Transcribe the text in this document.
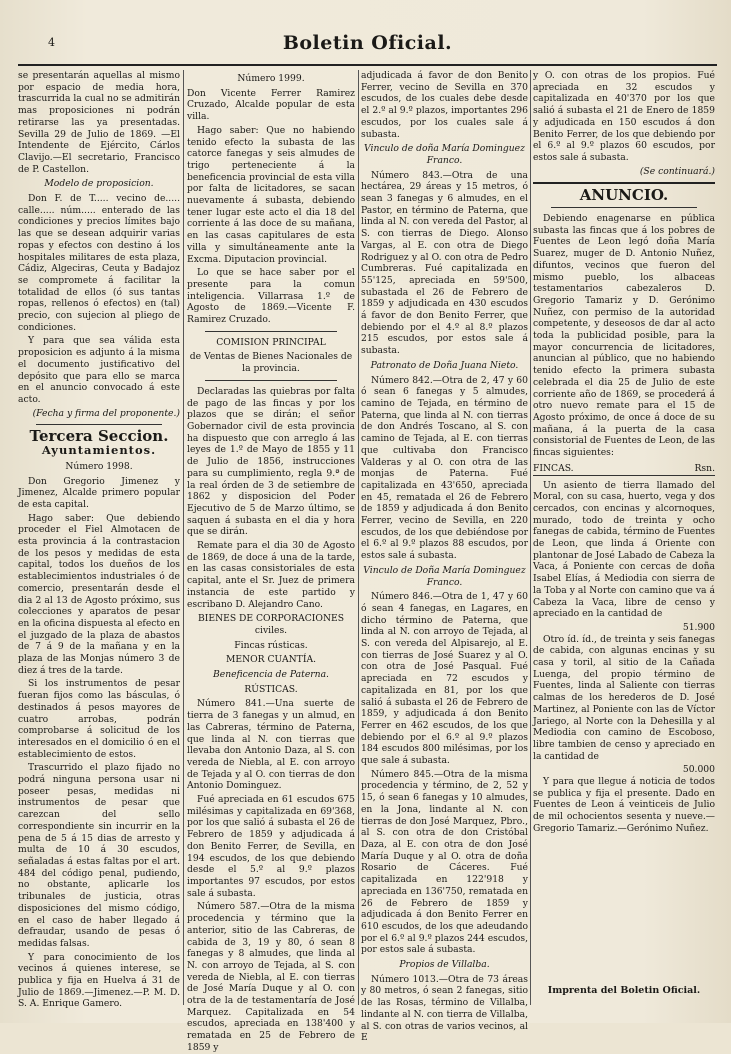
4	Boletin Oficial.

se presentarán aquellas al mismo por espacio de media hora, trascurrida la cual no se admitirán mas proposiciones ni podrán retirarse las ya presentadas. Sevilla 29 de Julio de 1869. —El Intendente de Ejército, Cárlos Clavijo.—El secretario, Francisco de P. Castellon.

Modelo de proposicion.

Don F. de T..... vecino de..... calle..... núm..... enterado de las condiciones y precios límites bajo las que se desean adquirir varias ropas y efectos con destino á los hospitales militares de esta plaza, Cádiz, Algeciras, Ceuta y Badajoz se compromete á facilitar la totalidad de ellos (ó sus tantas ropas, rellenos ó efectos) en (tal) precio, con sujecion al pliego de condiciones.

Y para que sea válida esta proposicion es adjunto á la misma el documento justificativo del depósito que para ello se marca en el anuncio convocado á este acto.

(Fecha y firma del proponente.)

Tercera Seccion.

Ayuntamientos.

Número 1998.

Don Gregorio Jimenez y Jimenez, Alcalde primero popular de esta capital.

Hago saber: Que debiendo proceder el Fiel Almotacen de esta provincia á la contrastacion de los pesos y medidas de esta capital, todos los dueños de los establecimientos industriales ó de comercio, presentarán desde el dia 2 al 13 de Agosto próximo, sus colecciones y aparatos de pesar en la oficina dispuesta al efecto en el juzgado de la plaza de abastos de 7 á 9 de la mañana y en la plaza de las Monjas número 3 de diez á tres de la tarde.

Si los instrumentos de pesar fueran fijos como las básculas, ó destinados á pesos mayores de cuatro arrobas, podrán comprobarse á solicitud de los interesados en el domicilio ó en el establecimiento de estos.

Trascurrido el plazo fijado no podrá ninguna persona usar ni poseer pesas, medidas ni instrumentos de pesar que carezcan del sello correspondiente sin incurrir en la pena de 5 á 15 dias de arresto y multa de 10 á 30 escudos, señaladas á estas faltas por el art. 484 del código penal, pudiendo, no obstante, aplicarle los tribunales de justicia, otras disposiciones del mismo código, en el caso de haber llegado á defraudar, usando de pesas ó medidas falsas.

Y para conocimiento de los vecinos á quienes interese, se publica y fija en Huelva á 31 de Julio de 1869.—Jimenez.—P. M. D. S. A. Enrique Gamero.

Número 1999.

Don Vicente Ferrer Ramirez Cruzado, Alcalde popular de esta villa.

Hago saber: Que no habiendo tenido efecto la subasta de las catorce fanegas y seis almudes de trigo perteneciente á la beneficencia provincial de esta villa por falta de licitadores, se sacan nuevamente á subasta, debiendo tener lugar este acto el dia 18 del corriente á las doce de su mañana, en las casas capitulares de esta villa y simultáneamente ante la Excma. Diputacion provincial.

Lo que se hace saber por el presente para la comun inteligencia. Villarrasa 1.º de Agosto de 1869.—Vicente F. Ramirez Cruzado.

COMISION PRINCIPAL

de Ventas de Bienes Nacionales de la provincia.

Declaradas las quiebras por falta de pago de las fincas y por los plazos que se dirán; el señor Gobernador civil de esta provincia ha dispuesto que con arreglo á las leyes de 1.º de Mayo de 1855 y 11 de Julio de 1856, instrucciones para su cumplimiento, regla 9.ª de la real órden de 3 de setiembre de 1862 y disposicion del Poder Ejecutivo de 5 de Marzo último, se saquen á subasta en el dia y hora que se dirán.

Remate para el dia 30 de Agosto de 1869, de doce á una de la tarde, en las casas consistoriales de esta capital, ante el Sr. Juez de primera instancia de este partido y escribano D. Alejandro Cano.

BIENES DE CORPORACIONES civiles.

Fincas rústicas.

MENOR CUANTÍA.

Beneficencia de Paterna.

RÚSTICAS.

Número 841.—Una suerte de tierra de 3 fanegas y un almud, en las Cabreras, término de Paterna, que linda al N. con tierras que llevaba don Antonio Daza, al S. con vereda de Niebla, al E. con arroyo de Tejada y al O. con tierras de don Antonio Dominguez.

Fué apreciada en 61 escudos 675 milésimas y capitalizada en 69'368, por los que salió á subasta el 26 de Febrero de 1859 y adjudicada á don Benito Ferrer, de Sevilla, en 194 escudos, de los que debiendo desde el 5.º al 9.º plazos importantes 97 escudos, por estos sale á subasta.

Número 587.—Otra de la misma procedencia y término que la anterior, sitio de las Cabreras, de cabida de 3, 19 y 80, ó sean 8 fanegas y 8 almudes, que linda al N. con arroyo de Tejada, al S. con vereda de Niebla, al E. con tierras de José María Duque y al O. con otra de la de testamentaría de José Marquez. Capitalizada en 54 escudos, apreciada en 138'400 y rematada en 25 de Febrero de 1859 y

adjudicada á favor de don Benito Ferrer, vecino de Sevilla en 370 escudos, de los cuales debe desde el 2.º al 9.º plazos, importantes 296 escudos, por los cuales sale á subasta.

Vinculo de doña María Dominguez Franco.

Número 843.—Otra de una hectárea, 29 áreas y 15 metros, ó sean 3 fanegas y 6 almudes, en el Pastor, en término de Paterna, que linda al N. con vereda del Pastor, al S. con tierras de Diego. Alonso Vargas, al E. con otra de Diego Rodriguez y al O. con otra de Pedro Cumbreras. Fué capitalizada en 55'125, apreciada en 59'500, subastada el 26 de Febrero de 1859 y adjudicada en 430 escudos á favor de don Benito Ferrer, que debiendo por el 4.º al 8.º plazos 215 escudos, por estos sale á subasta.

Patronato de Doña Juana Nieto.

Número 842.—Otra de 2, 47 y 60 ó sean 6 fanegas y 5 almudes, camino de Tejada, en término de Paterna, que linda al N. con tierras de don Andrés Toscano, al S. con camino de Tejada, al E. con tierras que cultivaba don Francisco Valderas y al O. con otra de las monjas de Paterna. Fué capitalizada en 43'650, apreciada en 45, rematada el 26 de Febrero de 1859 y adjudicada á don Benito Ferrer, vecino de Sevilla, en 220 escudos, de los que debiéndose por el 6.º al 9.º plazos 88 escudos, por estos sale á subasta.

Vinculo de Doña María Dominguez Franco.

Número 846.—Otra de 1, 47 y 60 ó sean 4 fanegas, en Lagares, en dicho término de Paterna, que linda al N. con arroyo de Tejada, al S. con vereda del Alpisarejo, al E. con tierras de José Suarez y al O. con otra de José Pasqual. Fué apreciada en 72 escudos y capitalizada en 81, por los que salió á subasta el 26 de Febrero de 1859, y adjudicada á don Benito Ferrer en 462 escudos, de los que debiendo por el 6.º al 9.º plazos 184 escudos 800 milésimas, por los que sale á subasta.

Número 845.—Otra de la misma procedencia y término, de 2, 52 y 15, ó sean 6 fanegas y 10 almudes, en la Jona, lindante al N. con tierras de don José Marquez, Pbro., al S. con otra de don Cristóbal Daza, al E. con otra de don José María Duque y al O. otra de doña Rosario de Cáceres. Fué capitalizada en 122'918 y apreciada en 136'750, rematada en 26 de Febrero de 1859 y adjudicada á don Benito Ferrer en 610 escudos, de los que adeudando por el 6.º al 9.º plazos 244 escudos, por estos sale á subasta.

Propios de Villalba.

Número 1013.—Otra de 73 áreas y 80 metros, ó sean 2 fanegas, sitio de las Rosas, término de Villalba, lindante al N. con tierra de Villalba, al S. con otras de varios vecinos, al E

y O. con otras de los propios. Fué apreciada en 32 escudos y capitalizada en 40'370 por los que salió á subasta el 21 de Enero de 1859 y adjudicada en 150 escudos á don Benito Ferrer, de los que debiendo por el 6.º al 9.º plazos 60 escudos, por estos sale á subasta.

(Se continuará.)

ANUNCIO.

Debiendo enagenarse en pública subasta las fincas que á los pobres de Fuentes de Leon legó doña María Suarez, muger de D. Antonio Nuñez, difuntos, vecinos que fueron del mismo pueblo, los albaceas testamentarios cabezaleros D. Gregorio Tamariz y D. Gerónimo Nuñez, con permiso de la autoridad competente, y deseosos de dar al acto toda la publicidad posible, para la mayor concurrencia de licitadores, anuncian al público, que no habiendo tenido efecto la primera subasta celebrada el dia 25 de Julio de este corriente año de 1869, se procederá á otro nuevo remate para el 15 de Agosto próximo, de once á doce de su mañana, á la puerta de la casa consistorial de Fuentes de Leon, de las fincas siguientes:

FINCAS.	Rsn.

Un asiento de tierra llamado del Moral, con su casa, huerto, vega y dos cercados, con encinas y alcornoques, murado, todo de treinta y ocho fanegas de cabida, término de Fuentes de Leon, que linda á Oriente con plantonar de José Labado de Cabeza la Vaca, á Poniente con cercas de doña Isabel Elías, á Mediodia con sierra de la Toba y al Norte con camino que va á Cabeza la Vaca, libre de censo y apreciado en la cantidad de

51.900

Otro íd. íd., de treinta y seis fanegas de cabida, con algunas encinas y su casa y toril, al sitio de la Cañada Luenga, del propio término de Fuentes, linda al Saliente con tierras calmas de los herederos de D. José Martinez, al Poniente con las de Víctor Jariego, al Norte con la Dehesilla y al Mediodia con camino de Escoboso, libre tambien de censo y apreciado en la cantidad de

50.000

Y para que llegue á noticia de todos se publica y fija el presente. Dado en Fuentes de Leon á veinticeis de Julio de mil ochocientos sesenta y nueve.—Gregorio Tamariz.—Gerónimo Nuñez.

Imprenta del Boletin Oficial.
